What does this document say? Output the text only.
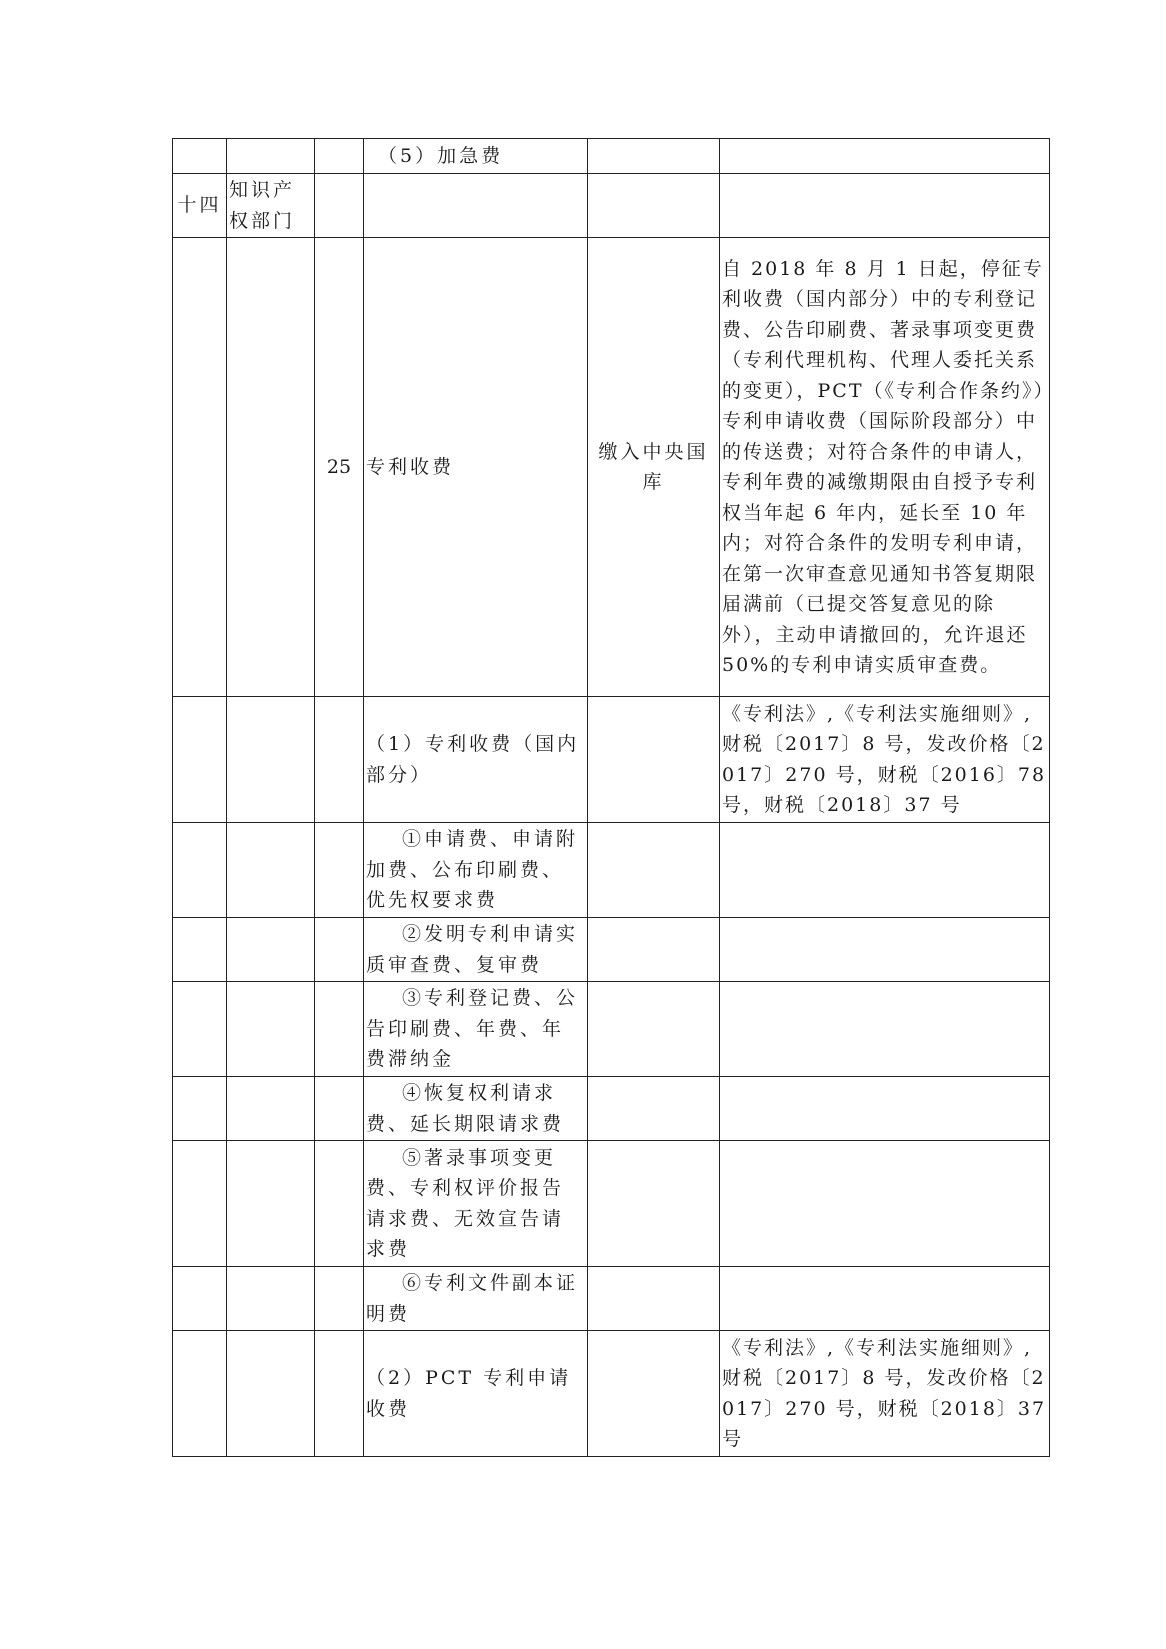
			（5）加急费		
十四	知识产权部门				
		25	专利收费	缴入中央国库	自 2018 年 8 月 1 日起，停征专利收费（国内部分）中的专利登记费、公告印刷费、著录事项变更费（专利代理机构、代理人委托关系的变更），PCT（《专利合作条约》）专利申请收费（国际阶段部分）中的传送费；对符合条件的申请人，专利年费的减缴期限由自授予专利权当年起 6 年内，延长至 10 年内；对符合条件的发明专利申请，在第一次审查意见通知书答复期限届满前（已提交答复意见的除外），主动申请撤回的，允许退还 50%的专利申请实质审查费。
			（1）专利收费（国内部分）		《专利法》,《专利法实施细则》,财税〔2017〕8 号，发改价格〔2017〕270 号，财税〔2016〕78 号，财税〔2018〕37 号

			①申请费、申请附加费、公布印刷费、优先权要求费		

			②发明专利申请实质审查费、复审费		

			③专利登记费、公告印刷费、年费、年费滞纳金		

			④恢复权利请求费、延长期限请求费		

			⑤著录事项变更费、专利权评价报告请求费、无效宣告请求费		

			⑥专利文件副本证明费		

			（2）PCT 专利申请收费		《专利法》,《专利法实施细则》,财税〔2017〕8 号，发改价格〔2017〕270 号，财税〔2018〕37 号
